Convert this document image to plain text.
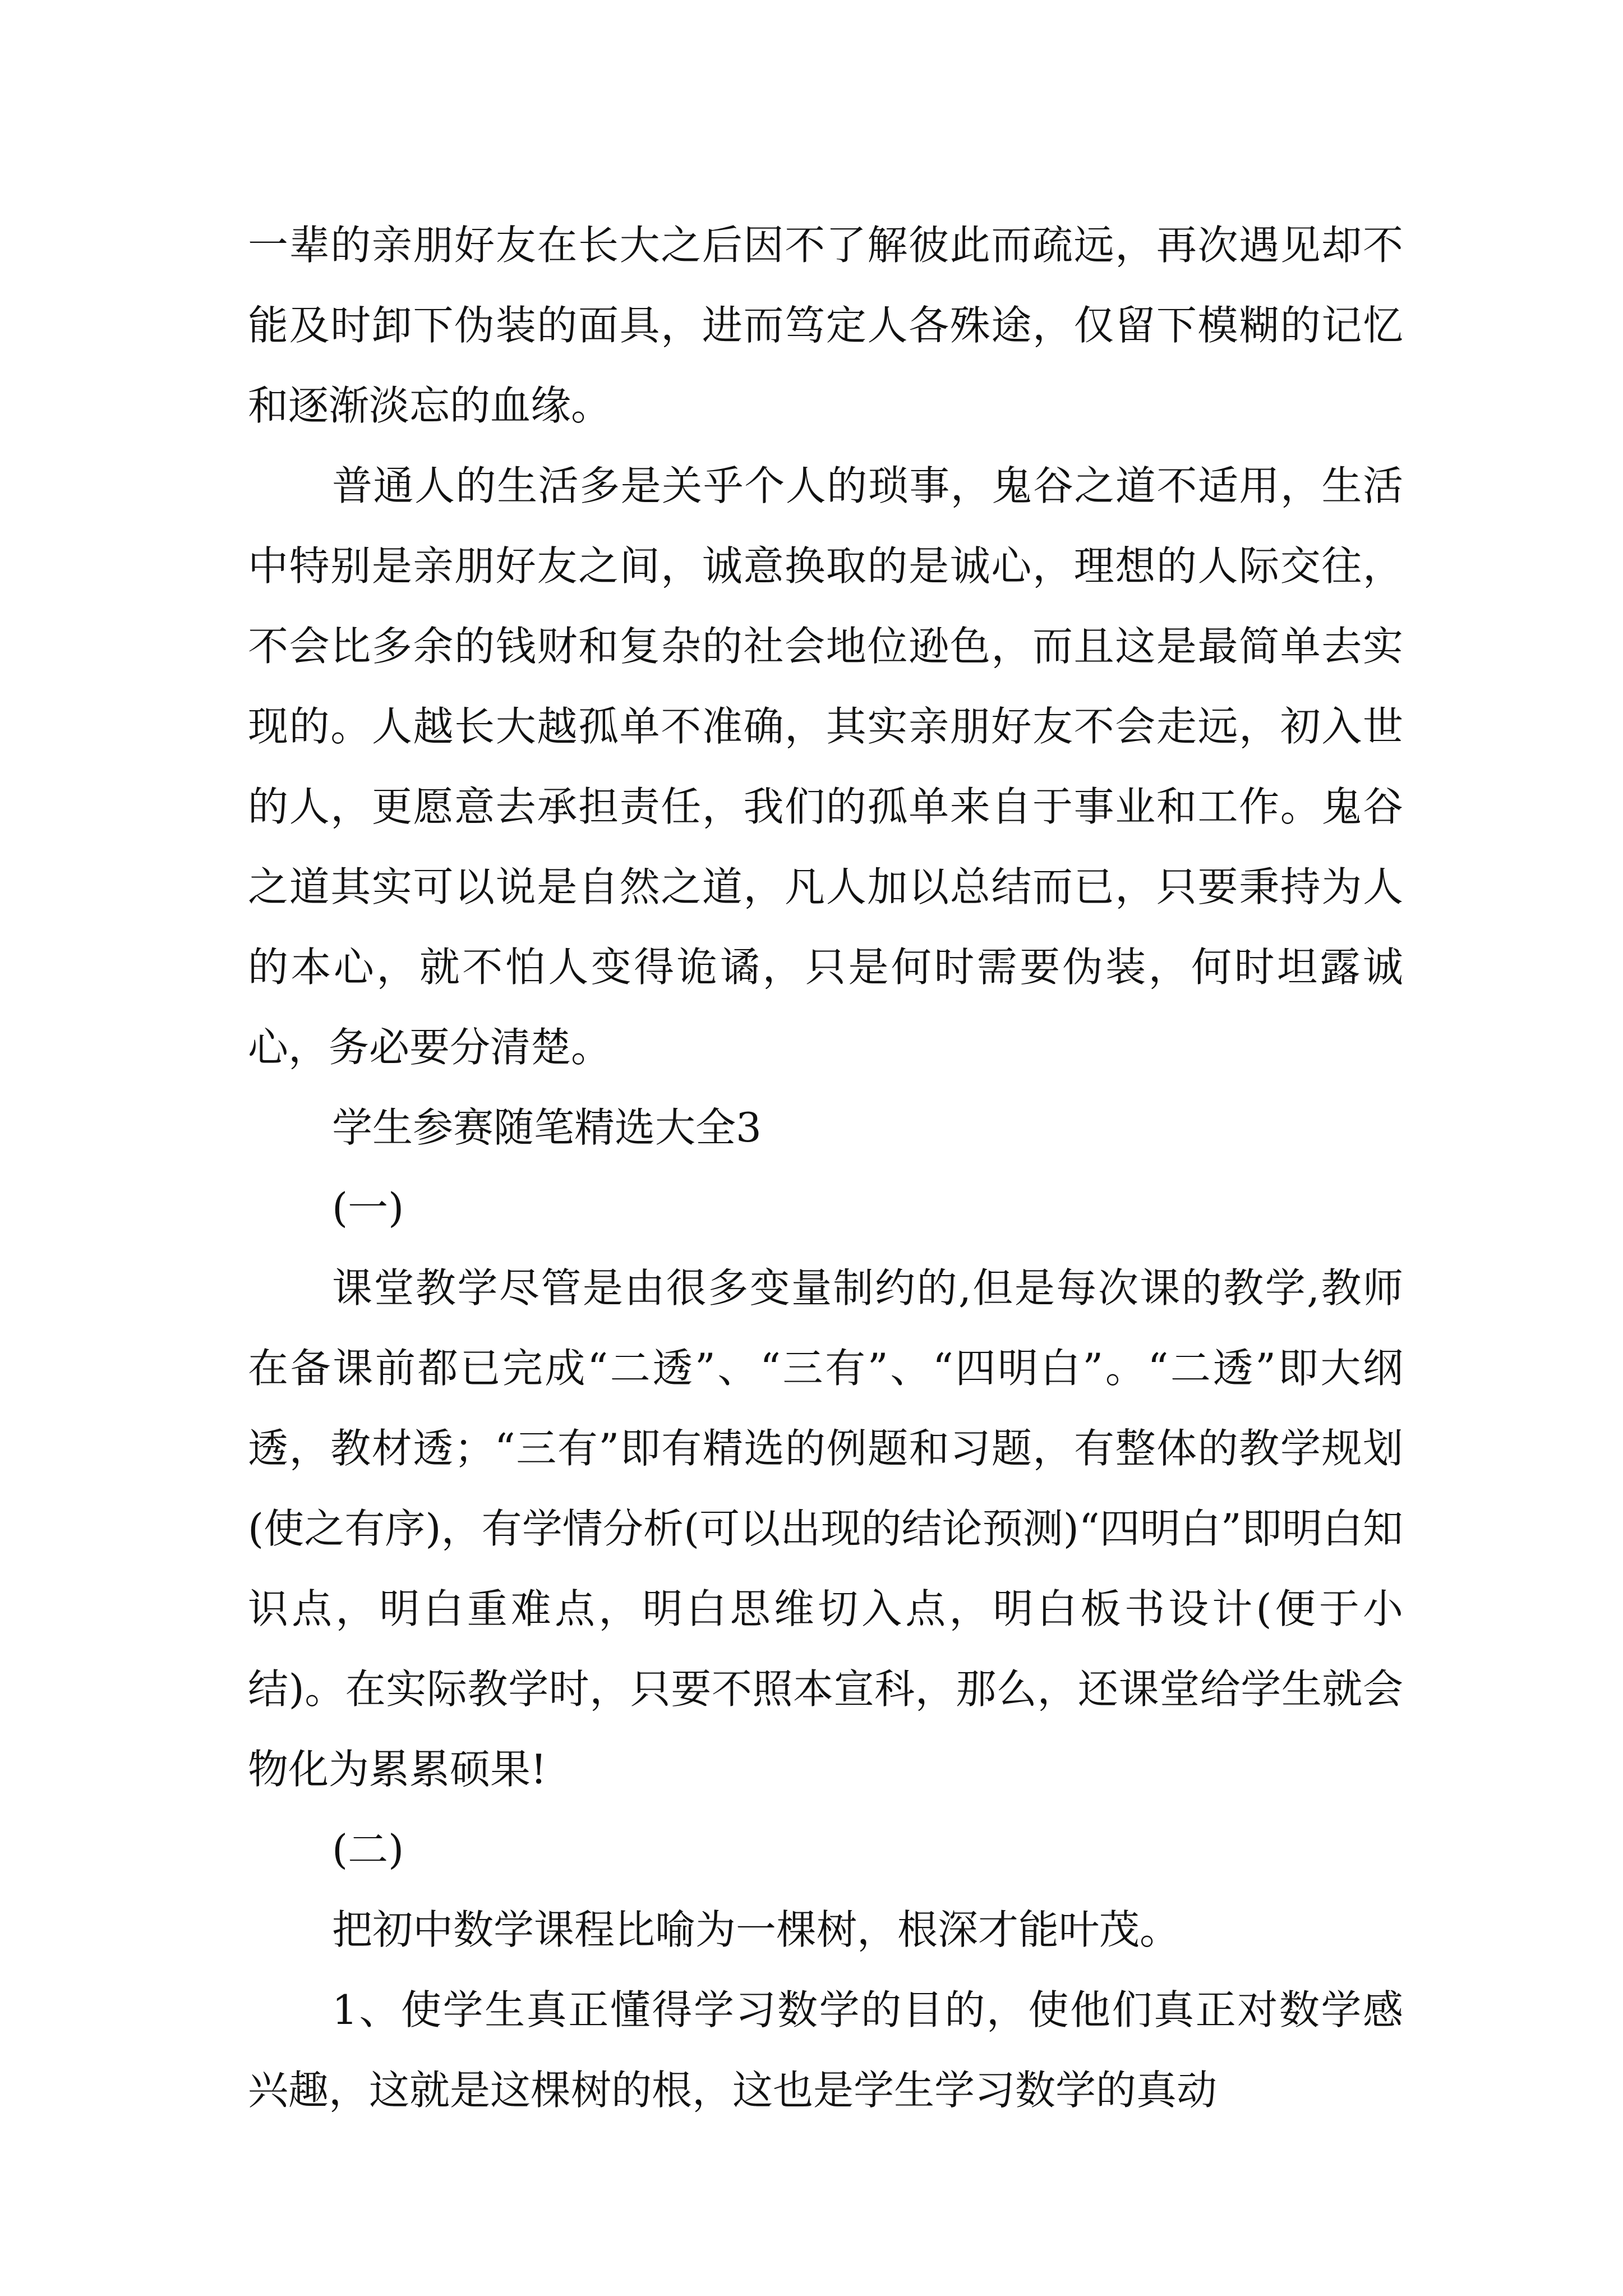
一辈的亲朋好友在长大之后因不了解彼此而疏远，再次遇见却不能及时卸下伪装的面具，进而笃定人各殊途，仅留下模糊的记忆和逐渐淡忘的血缘。

普通人的生活多是关乎个人的琐事，鬼谷之道不适用，生活中特别是亲朋好友之间，诚意换取的是诚心，理想的人际交往，不会比多余的钱财和复杂的社会地位逊色，而且这是最简单去实现的。人越长大越孤单不准确，其实亲朋好友不会走远，初入世的人，更愿意去承担责任，我们的孤单来自于事业和工作。鬼谷之道其实可以说是自然之道，凡人加以总结而已，只要秉持为人的本心，就不怕人变得诡谲，只是何时需要伪装，何时坦露诚心，务必要分清楚。

学生参赛随笔精选大全3

(一)

课堂教学尽管是由很多变量制约的,但是每次课的教学,教师在备课前都已完成“二透”、“三有”、“四明白”。“二透”即大纲透，教材透；“三有”即有精选的例题和习题，有整体的教学规划(使之有序)，有学情分析(可以出现的结论预测)“四明白”即明白知识点，明白重难点，明白思维切入点，明白板书设计(便于小结)。在实际教学时，只要不照本宣科，那么，还课堂给学生就会物化为累累硕果!

(二)

把初中数学课程比喻为一棵树，根深才能叶茂。

1、使学生真正懂得学习数学的目的，使他们真正对数学感兴趣，这就是这棵树的根，这也是学生学习数学的真动
